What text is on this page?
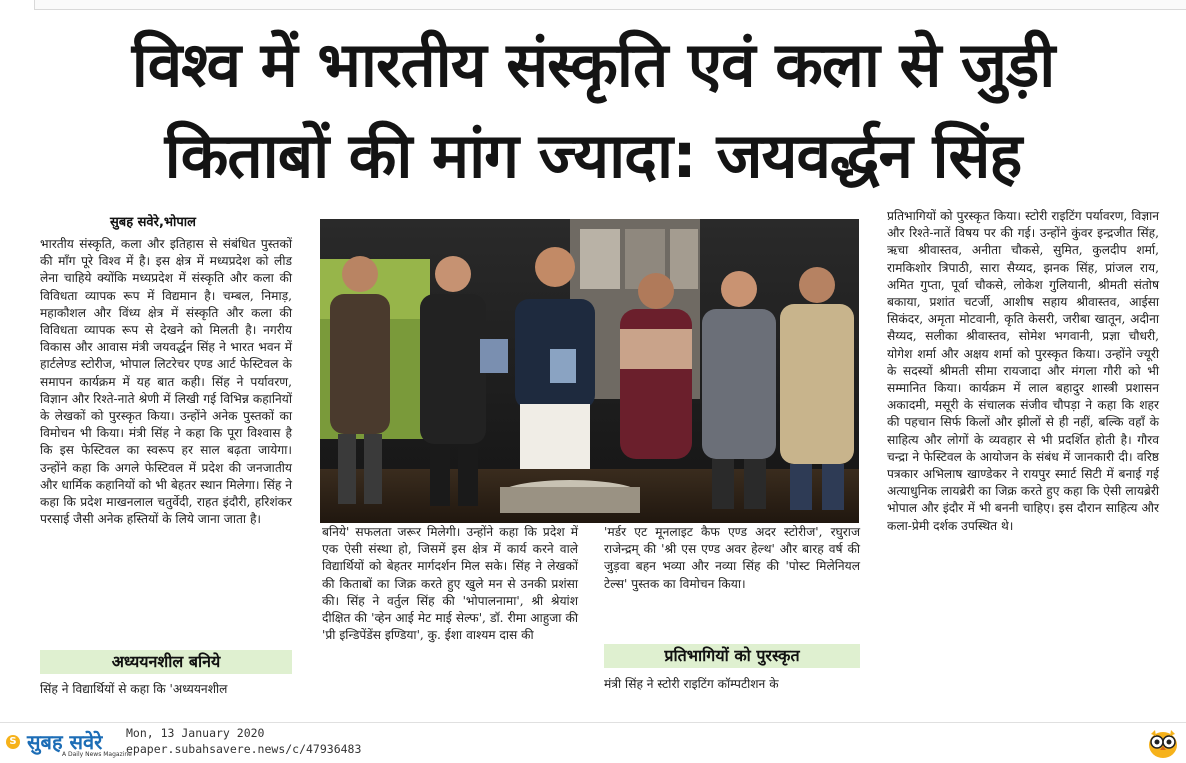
विश्व में भारतीय संस्कृति एवं कला से जुड़ी
किताबों की मांग ज्यादा: जयवर्द्धन सिंह
सुबह सवेरे,भोपाल

भारतीय संस्कृति, कला और इतिहास से संबंधित पुस्तकों की माँग पूरे विश्व में है। इस क्षेत्र में मध्यप्रदेश को लीड लेना चाहिये क्योंकि मध्यप्रदेश में संस्कृति और कला की विविधता व्यापक रूप में विद्यमान है। चम्बल, निमाड़, महाकौशल और विंध्य क्षेत्र में संस्कृति और कला की विविधता व्यापक रूप से देखने को मिलती है। नगरीय विकास और आवास मंत्री जयवर्द्धन सिंह ने भारत भवन में हार्टलेण्ड स्टोरीज, भोपाल लिटरेचर एण्ड आर्ट फेस्टिवल के समापन कार्यक्रम में यह बात कही। सिंह ने पर्यावरण, विज्ञान और रिश्ते-नाते श्रेणी में लिखी गई विभिन्न कहानियों के लेखकों को पुरस्कृत किया। उन्होंने अनेक पुस्तकों का विमोचन भी किया। मंत्री सिंह ने कहा कि पूरा विश्वास है कि इस फेस्टिवल का स्वरूप हर साल बढ़ता जायेगा। उन्होंने कहा कि अगले फेस्टिवल में प्रदेश की जनजातीय और धार्मिक कहानियों को भी बेहतर स्थान मिलेगा। सिंह ने कहा कि प्रदेश माखनलाल चतुर्वेदी, राहत इंदौरी, हरिशंकर परसाई जैसी अनेक हस्तियों के लिये जाना जाता है।

अध्ययनशील बनिये

सिंह ने विद्यार्थियों से कहा कि 'अध्ययनशील

बनिये' सफलता जरूर मिलेगी। उन्होंने कहा कि प्रदेश में एक ऐसी संस्था हो, जिसमें इस क्षेत्र में कार्य करने वाले विद्यार्थियों को बेहतर मार्गदर्शन मिल सके। सिंह ने लेखकों की किताबों का जिक्र करते हुए खुले मन से उनकी प्रशंसा की। सिंह ने वर्तुल सिंह की 'भोपालनामा', श्री श्रेयांश दीक्षित की 'व्हेन आई मेट माई सेल्फ', डॉ. रीमा आहुजा की 'प्री इन्डिपेंडेंस इण्डिया', कु. ईशा वाश्यम दास की

'मर्डर एट मूनलाइट कैफ एण्ड अदर स्टोरीज', रघुराज राजेन्द्रम् की 'श्री एस एण्ड अवर हेल्थ' और बारह वर्ष की जुड़वा बहन भव्या और नव्या सिंह की 'पोस्ट मिलेनियल टेल्स' पुस्तक का विमोचन किया।

प्रतिभागियों को पुरस्कृत

मंत्री सिंह ने स्टोरी राइटिंग कॉम्पटीशन के

प्रतिभागियों को पुरस्कृत किया। स्टोरी राइटिंग पर्यावरण, विज्ञान और रिश्ते-नातें विषय पर की गई। उन्होंने कुंवर इन्द्रजीत सिंह, ऋचा श्रीवास्तव, अनीता चौकसे, सुमित, कुलदीप शर्मा, रामकिशोर त्रिपाठी, सारा सैय्यद, झनक सिंह, प्रांजल राय, अमित गुप्ता, पूर्वा चौकसे, लोकेश गुलियानी, श्रीमती संतोष बकाया, प्रशांत चटर्जी, आशीष सहाय श्रीवास्तव, आईसा सिकंदर, अमृता मोटवानी, कृति केसरी, जरीबा खातून, अदीना सैय्यद, सलीका श्रीवास्तव, सोमेश भगवानी, प्रज्ञा चौधरी, योगेश शर्मा और अक्षय शर्मा को पुरस्कृत किया। उन्होंने ज्यूरी के सदस्यों श्रीमती सीमा रायजादा और मंगला गौरी को भी सम्मानित किया। कार्यक्रम में लाल बहादुर शास्त्री प्रशासन अकादमी, मसूरी के संचालक संजीव चौपड़ा ने कहा कि शहर की पहचान सिर्फ किलों और झीलों से ही नहीं, बल्कि वहाँ के साहित्य और लोगों के व्यवहार से भी प्रदर्शित होती है। गौरव चन्द्रा ने फेस्टिवल के आयोजन के संबंध में जानकारी दी। वरिष्ठ पत्रकार अभिलाष खाण्डेकर ने रायपुर स्मार्ट सिटी में बनाई गई अत्याधुनिक लायब्रेरी का जिक्र करते हुए कहा कि ऐसी लायब्रेरी भोपाल और इंदौर में भी बननी चाहिए। इस दौरान साहित्य और कला-प्रेमी दर्शक उपस्थित थे।

S सुबह सवेरे
A Daily News Magazine
Mon, 13 January 2020
epaper.subahsavere.news/c/47936483
